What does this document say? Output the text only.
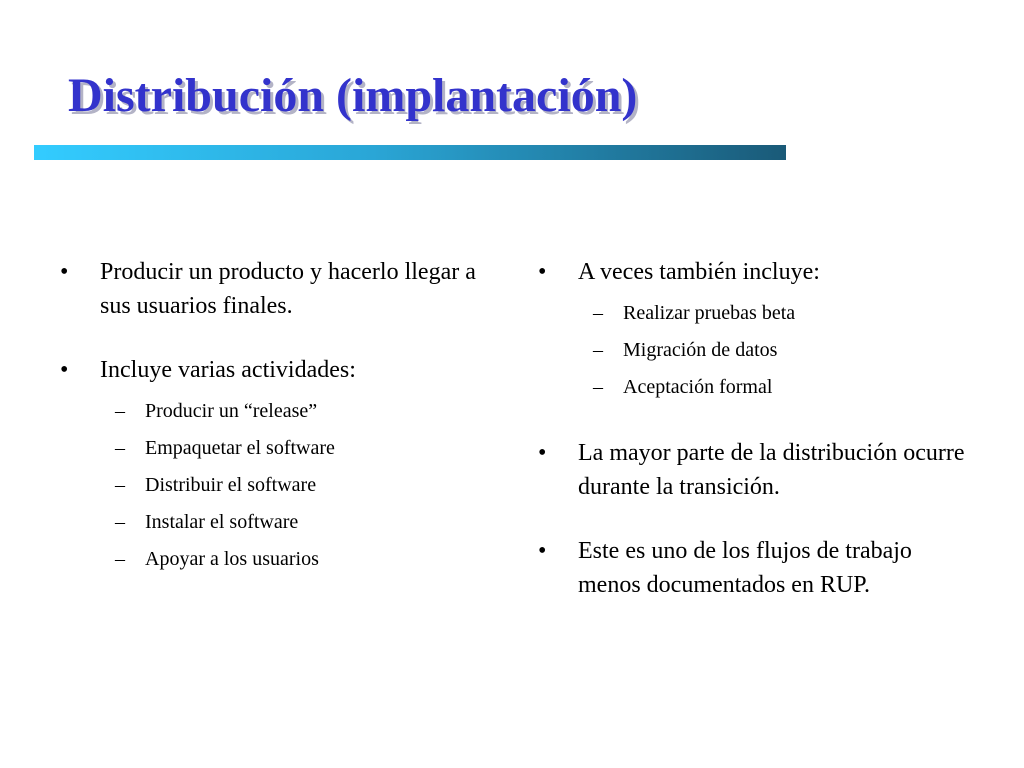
Distribución (implantación)
•	Producir un producto y hacerlo llegar a sus usuarios finales.
•	Incluye varias actividades:
–	Producir un “release”
–	Empaquetar el software
–	Distribuir el software
–	Instalar el software
–	Apoyar a los usuarios
•	A veces también incluye:
–	Realizar pruebas beta
–	Migración de datos
–	Aceptación formal
•	La mayor parte de la distribución ocurre durante la transición.
•	Este es uno de los flujos de trabajo menos documentados en RUP.
